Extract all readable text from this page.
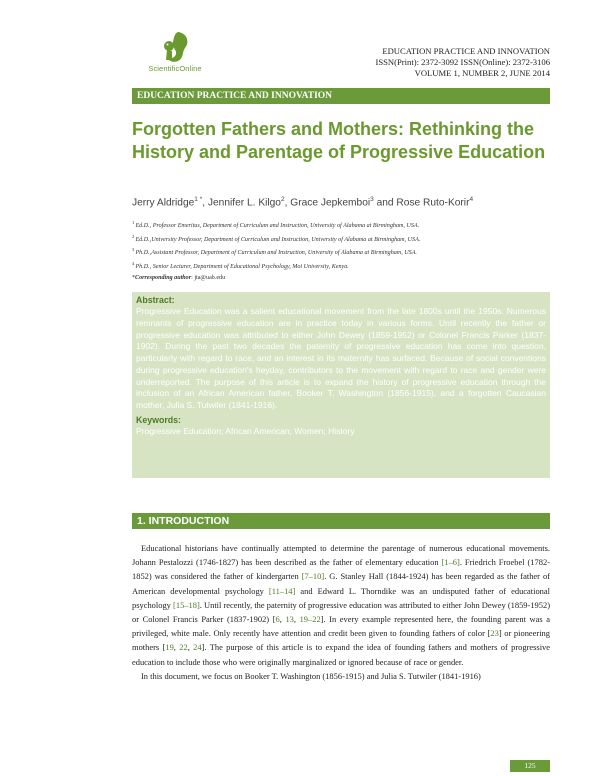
ScientificOnline
EDUCATION PRACTICE AND INNOVATION
ISSN(Print): 2372-3092 ISSN(Online): 2372-3106
VOLUME 1, NUMBER 2, JUNE 2014
EDUCATION PRACTICE AND INNOVATION
Forgotten Fathers and Mothers: Rethinking the History and Parentage of Progressive Education
Jerry Aldridge$^{1 *}$, Jennifer L. Kilgo$^2$, Grace Jepkemboi$^3$ and Rose Ruto-Korir$^4$
$^1$ Ed.D., Professor Emeritus, Department of Curriculum and Instruction, University of Alabama at Birmingham, USA.
$^2$ Ed.D.,University Professor, Department of Curriculum and Instruction, University of Alabama at Birmingham, USA.
$^3$ Ph.D.,Assistant Professor, Department of Curriculum and Instruction, University of Alabama at Birmingham, USA.
$^4$ Ph.D., Senior Lecturer, Department of Educational Psychology, Moi University, Kenya.
*Corresponding author: jta@uab.edu

Abstract:

Progressive Education was a salient educational movement from the late 1800s until the 1950s. Numerous remnants of progressive education are in practice today in various forms. Until recently the father or progressive education was attributed to either John Dewey (1859-1952) or Colonel Francis Parker (1837-1902). During the past two decades the paternity of progressive education has come into question, particularly with regard to race, and an interest in its maternity has surfaced. Because of social conventions during progressive education's heyday, contributors to the movement with regard to race and gender were underreported. The purpose of this article is to expand the history of progressive education through the inclusion of an African American father, Booker T. Washington (1856-1915), and a forgotten Caucasian mother, Julia S. Tutwiler (1841-1916).

Keywords:

Progressive Education; African American; Women; History

1. INTRODUCTION

Educational historians have continually attempted to determine the parentage of numerous educational movements. Johann Pestalozzi (1746-1827) has been described as the father of elementary education [1–6]. Friedrich Froebel (1782-1852) was considered the father of kindergarten [7–10]. G. Stanley Hall (1844-1924) has been regarded as the father of American developmental psychology [11–14] and Edward L. Thorndike was an undisputed father of educational psychology [15–18]. Until recently, the paternity of progressive education was attributed to either John Dewey (1859-1952) or Colonel Francis Parker (1837-1902) [6, 13, 19–22]. In every example represented here, the founding parent was a privileged, white male. Only recently have attention and credit been given to founding fathers of color [23] or pioneering mothers [19, 22, 24]. The purpose of this article is to expand the idea of founding fathers and mothers of progressive education to include those who were originally marginalized or ignored because of race or gender.

In this document, we focus on Booker T. Washington (1856-1915) and Julia S. Tutwiler (1841-1916)

125
